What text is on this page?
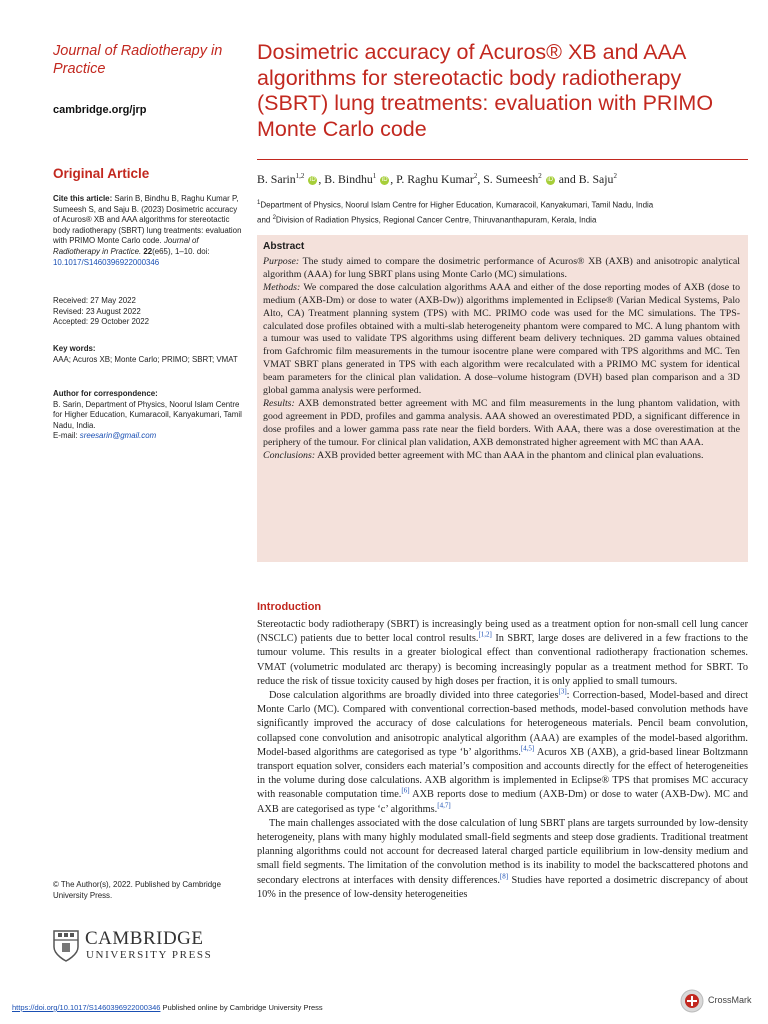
Journal of Radiotherapy in Practice
cambridge.org/jrp
Dosimetric accuracy of Acuros® XB and AAA algorithms for stereotactic body radiotherapy (SBRT) lung treatments: evaluation with PRIMO Monte Carlo code
B. Sarin$^{1,2}$ iD , B. Bindhu$^1$ iD , P. Raghu Kumar$^2$, S. Sumeesh$^2$ iD and B. Saju$^2$
$^1$Department of Physics, Noorul Islam Centre for Higher Education, Kumaracoil, Kanyakumari, Tamil Nadu, India
and $^2$Division of Radiation Physics, Regional Cancer Centre, Thiruvananthapuram, Kerala, India
Abstract

Purpose: The study aimed to compare the dosimetric performance of Acuros® XB (AXB) and anisotropic analytical algorithm (AAA) for lung SBRT plans using Monte Carlo (MC) simulations.

Methods: We compared the dose calculation algorithms AAA and either of the dose reporting modes of AXB (dose to medium (AXB-Dm) or dose to water (AXB-Dw)) algorithms implemented in Eclipse® (Varian Medical Systems, Palo Alto, CA) Treatment planning system (TPS) with MC. PRIMO code was used for the MC simulations. The TPS-calculated dose profiles obtained with a multi-slab heterogeneity phantom were compared to MC. A lung phantom with a tumour was used to validate TPS algorithms using different beam delivery techniques. 2D gamma values obtained from Gafchromic film measurements in the tumour isocentre plane were compared with TPS algorithms and MC. Ten VMAT SBRT plans generated in TPS with each algorithm were recalculated with a PRIMO MC system for identical beam parameters for the clinical plan validation. A dose–volume histogram (DVH) based plan comparison and a 3D global gamma analysis were performed.

Results: AXB demonstrated better agreement with MC and film measurements in the lung phantom validation, with good agreement in PDD, profiles and gamma analysis. AAA showed an overestimated PDD, a significant difference in dose profiles and a lower gamma pass rate near the field borders. With AAA, there was a dose overestimation at the periphery of the tumour. For clinical plan validation, AXB demonstrated higher agreement with MC than AAA.

Conclusions: AXB provided better agreement with MC than AAA in the phantom and clinical plan evaluations.

Original Article
Cite this article: Sarin B, Bindhu B, Raghu Kumar P, Sumeesh S, and Saju B. (2023) Dosimetric accuracy of Acuros® XB and AAA algorithms for stereotactic body radiotherapy (SBRT) lung treatments: evaluation with PRIMO Monte Carlo code. Journal of Radiotherapy in Practice. 22(e65), 1–10. doi: 10.1017/S1460396922000346
Received: 27 May 2022
Revised: 23 August 2022
Accepted: 29 October 2022
Key words:
AAA; Acuros XB; Monte Carlo; PRIMO; SBRT; VMAT
Author for correspondence:
B. Sarin, Department of Physics, Noorul Islam Centre for Higher Education, Kumaracoil, Kanyakumari, Tamil Nadu, India.
E-mail: sreesarin@gmail.com
Introduction

Stereotactic body radiotherapy (SBRT) is increasingly being used as a treatment option for non-small cell lung cancer (NSCLC) patients due to better local control results.[1,2] In SBRT, large doses are delivered in a few fractions to the tumour volume. This results in a greater biological effect than conventional radiotherapy fractionation schemes. VMAT (volumetric modulated arc therapy) is becoming increasingly popular as a treatment method for SBRT. To reduce the risk of tissue toxicity caused by high doses per fraction, it is only applied to small tumours.

Dose calculation algorithms are broadly divided into three categories[3]: Correction-based, Model-based and direct Monte Carlo (MC). Compared with conventional correction-based methods, model-based convolution methods have significantly improved the accuracy of dose calculations for heterogeneous materials. Pencil beam convolution, collapsed cone convolution and anisotropic analytical algorithm (AAA) are examples of the model-based algorithm. Model-based algorithms are categorised as type ‘b’ algorithms.[4,5] Acuros XB (AXB), a grid-based linear Boltzmann transport equation solver, considers each material’s composition and accounts directly for the effect of heterogeneities in the volume during dose calculations. AXB algorithm is implemented in Eclipse® TPS that promises MC accuracy with reasonable computation time.[6] AXB reports dose to medium (AXB-Dm) or dose to water (AXB-Dw). MC and AXB are categorised as type ‘c’ algorithms.[4,7]

The main challenges associated with the dose calculation of lung SBRT plans are targets surrounded by low-density heterogeneity, plans with many highly modulated small-field segments and steep dose gradients. Traditional treatment planning algorithms could not account for decreased lateral charged particle equilibrium in low-density medium and small field segments. The limitation of the convolution method is its inability to model the backscattered photons and secondary electrons at interfaces with density differences.[8] Studies have reported a dosimetric discrepancy of about 10% in the presence of low-density heterogeneities

© The Author(s), 2022. Published by Cambridge University Press.
CAMBRIDGE
UNIVERSITY PRESS
https://doi.org/10.1017/S1460396922000346 Published online by Cambridge University Press
CrossMark
